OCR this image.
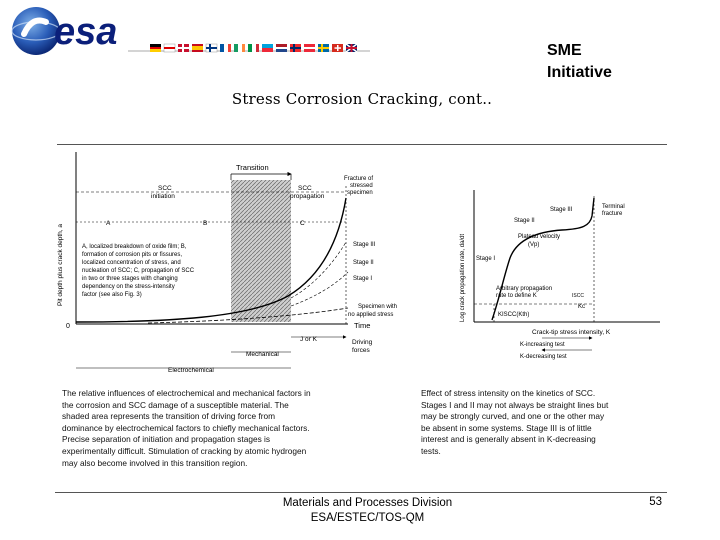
esa	SME
Initiative
Stress Corrosion Cracking, cont..
0
Pit depth plus crack depth, a
Time
Transition
SCC
initiation
SCC
propagation
Fracture of
stressed
specimen
A	B	C
Stage III
Stage II
Stage I
Specimen with
no applied stress
A, localized breakdown of oxide film; B,
formation of corrosion pits or fissures,
localized concentration of stress, and
nucleation of SCC; C, propagation of SCC
in two or three stages with changing
dependency on the stress-intensity
factor (see also Fig. 3)
J or K
Mechanical
Electrochemical
Driving
forces
Log crack propagation rate, da/dt
Crack-tip stress intensity, K
Stage I
Stage II
Stage III	Terminal
fracture
Plateau velocity
(Vp)
Arbitrary propagation
rate to define K	ISCC
KISCC(Kth)
Kc
K-increasing test
K-decreasing test
The relative influences of electrochemical and mechanical factors in
the corrosion and SCC damage of a susceptible material. The
shaded area represents the transition of driving force from
dominance by electrochemical factors to chiefly mechanical factors.
Precise separation of initiation and propagation stages is
experimentally difficult. Stimulation of cracking by atomic hydrogen
may also become involved in this transition region.
Effect of stress intensity on the kinetics of SCC.
Stages I and II may not always be straight lines but
may be strongly curved, and one or the other may
be absent in some systems. Stage III is of little
interest and is generally absent in K-decreasing
tests.
Materials and Processes Division
ESA/ESTEC/TOS-QM
53
